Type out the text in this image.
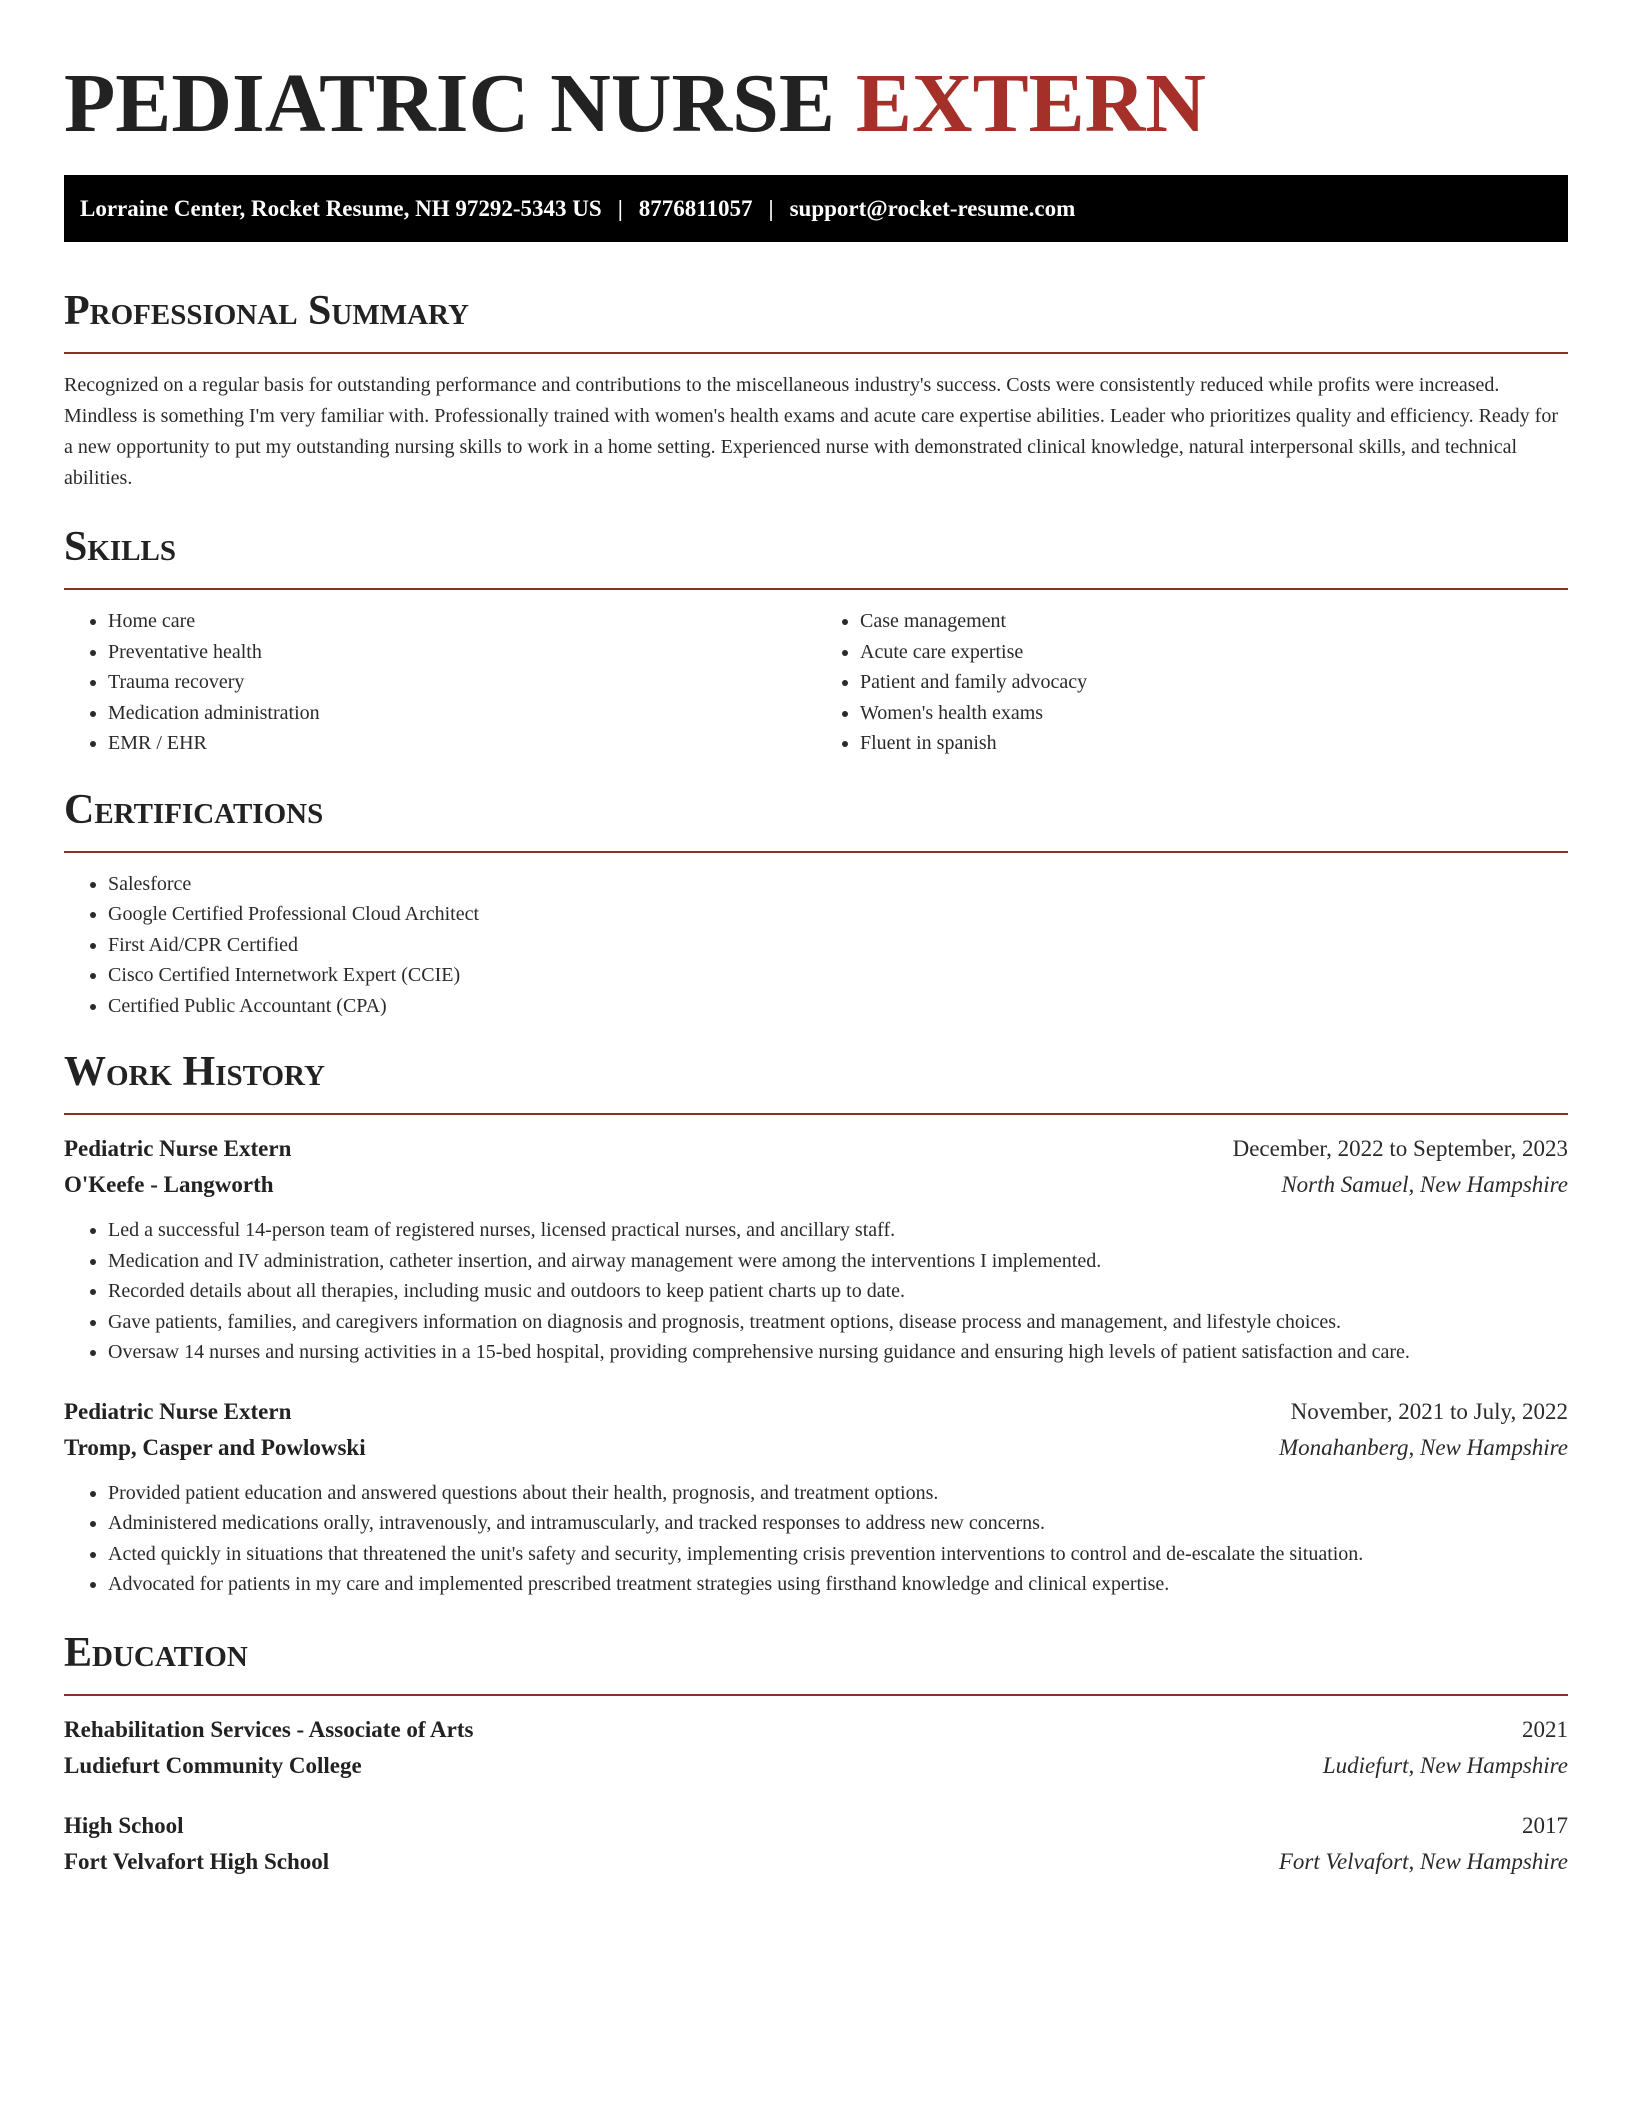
PEDIATRIC NURSE EXTERN
Lorraine Center, Rocket Resume, NH 97292-5343 US | 8776811057 | support@rocket-resume.com
Professional Summary

Recognized on a regular basis for outstanding performance and contributions to the miscellaneous industry's success. Costs were consistently reduced while profits were increased. Mindless is something I'm very familiar with. Professionally trained with women's health exams and acute care expertise abilities. Leader who prioritizes quality and efficiency. Ready for a new opportunity to put my outstanding nursing skills to work in a home setting. Experienced nurse with demonstrated clinical knowledge, natural interpersonal skills, and technical abilities.

Skills
• Home care
• Preventative health
• Trauma recovery
• Medication administration
• EMR / EHR
• Case management
• Acute care expertise
• Patient and family advocacy
• Women's health exams
• Fluent in spanish
Certifications
• Salesforce
• Google Certified Professional Cloud Architect
• First Aid/CPR Certified
• Cisco Certified Internetwork Expert (CCIE)
• Certified Public Accountant (CPA)
Work History
Pediatric Nurse Extern	December, 2022 to September, 2023
O'Keefe - Langworth	North Samuel, New Hampshire
• Led a successful 14-person team of registered nurses, licensed practical nurses, and ancillary staff.
• Medication and IV administration, catheter insertion, and airway management were among the interventions I implemented.
• Recorded details about all therapies, including music and outdoors to keep patient charts up to date.
• Gave patients, families, and caregivers information on diagnosis and prognosis, treatment options, disease process and management, and lifestyle choices.
• Oversaw 14 nurses and nursing activities in a 15-bed hospital, providing comprehensive nursing guidance and ensuring high levels of patient satisfaction and care.
Pediatric Nurse Extern	November, 2021 to July, 2022
Tromp, Casper and Powlowski	Monahanberg, New Hampshire
• Provided patient education and answered questions about their health, prognosis, and treatment options.
• Administered medications orally, intravenously, and intramuscularly, and tracked responses to address new concerns.
• Acted quickly in situations that threatened the unit's safety and security, implementing crisis prevention interventions to control and de-escalate the situation.
• Advocated for patients in my care and implemented prescribed treatment strategies using firsthand knowledge and clinical expertise.
Education
Rehabilitation Services - Associate of Arts	2021
Ludiefurt Community College	Ludiefurt, New Hampshire
High School	2017
Fort Velvafort High School	Fort Velvafort, New Hampshire
